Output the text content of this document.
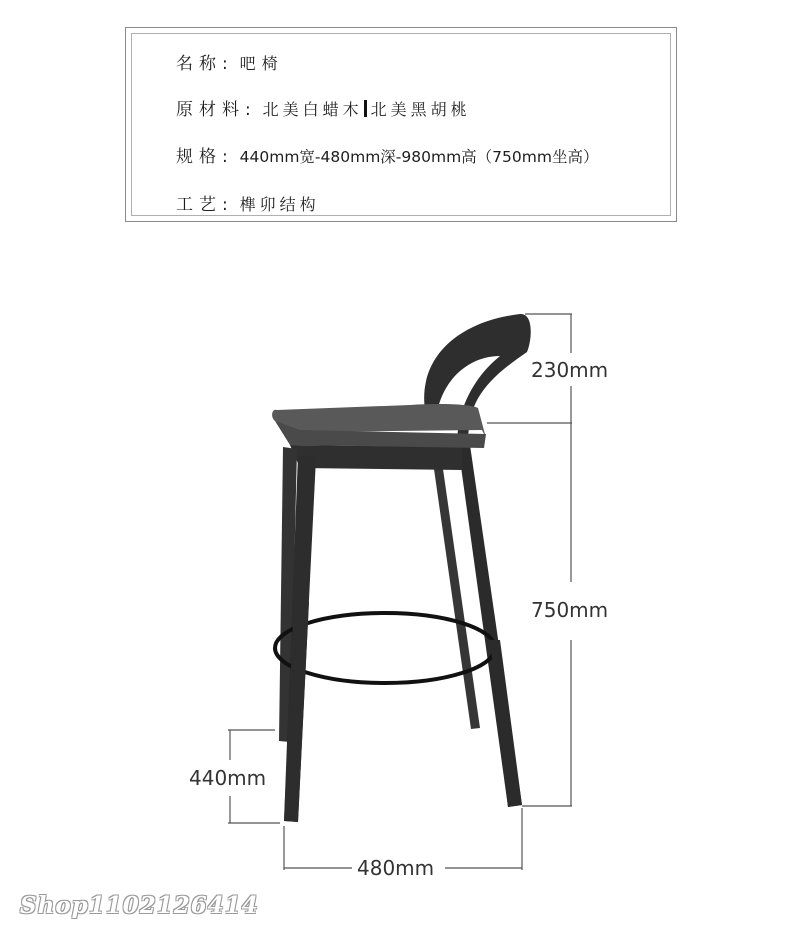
名称: 吧椅
原材料: 北美白蜡木 北美黑胡桃
规格: 440mm宽-480mm深-980mm高（750mm坐高）
工艺: 榫卯结构
230mm
750mm
440mm
480mm
Shop1102126414
